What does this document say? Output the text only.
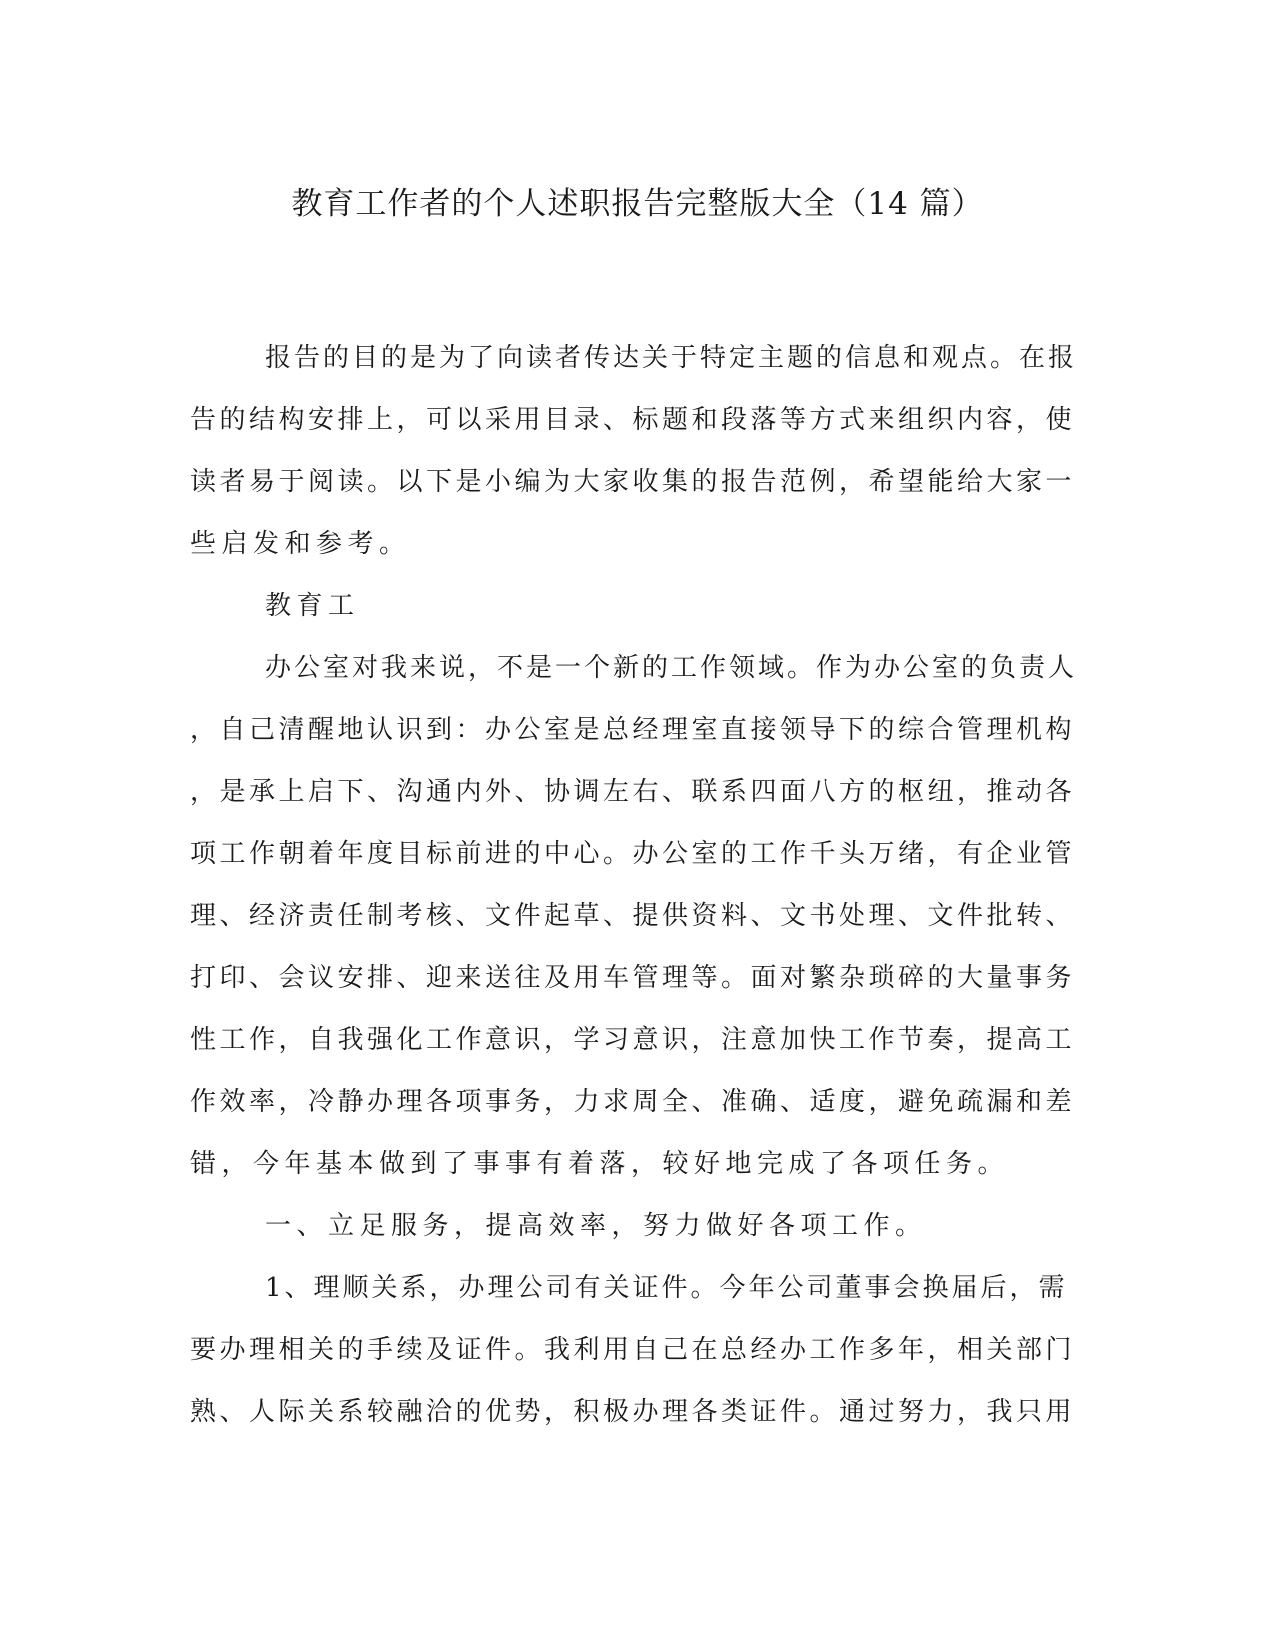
教育工作者的个人述职报告完整版大全（14 篇）
报告的目的是为了向读者传达关于特定主题的信息和观点。在报
告的结构安排上，可以采用目录、标题和段落等方式来组织内容，使
读者易于阅读。以下是小编为大家收集的报告范例，希望能给大家一
些启发和参考。
教育工
办公室对我来说，不是一个新的工作领域。作为办公室的负责人
，自己清醒地认识到：办公室是总经理室直接领导下的综合管理机构
，是承上启下、沟通内外、协调左右、联系四面八方的枢纽，推动各
项工作朝着年度目标前进的中心。办公室的工作千头万绪，有企业管
理、经济责任制考核、文件起草、提供资料、文书处理、文件批转、
打印、会议安排、迎来送往及用车管理等。面对繁杂琐碎的大量事务
性工作，自我强化工作意识，学习意识，注意加快工作节奏，提高工
作效率，冷静办理各项事务，力求周全、准确、适度，避免疏漏和差
错，今年基本做到了事事有着落，较好地完成了各项任务。
一、立足服务，提高效率，努力做好各项工作。
1、理顺关系，办理公司有关证件。今年公司董事会换届后，需
要办理相关的手续及证件。我利用自己在总经办工作多年，相关部门
熟、人际关系较融洽的优势，积极办理各类证件。通过努力，我只用
